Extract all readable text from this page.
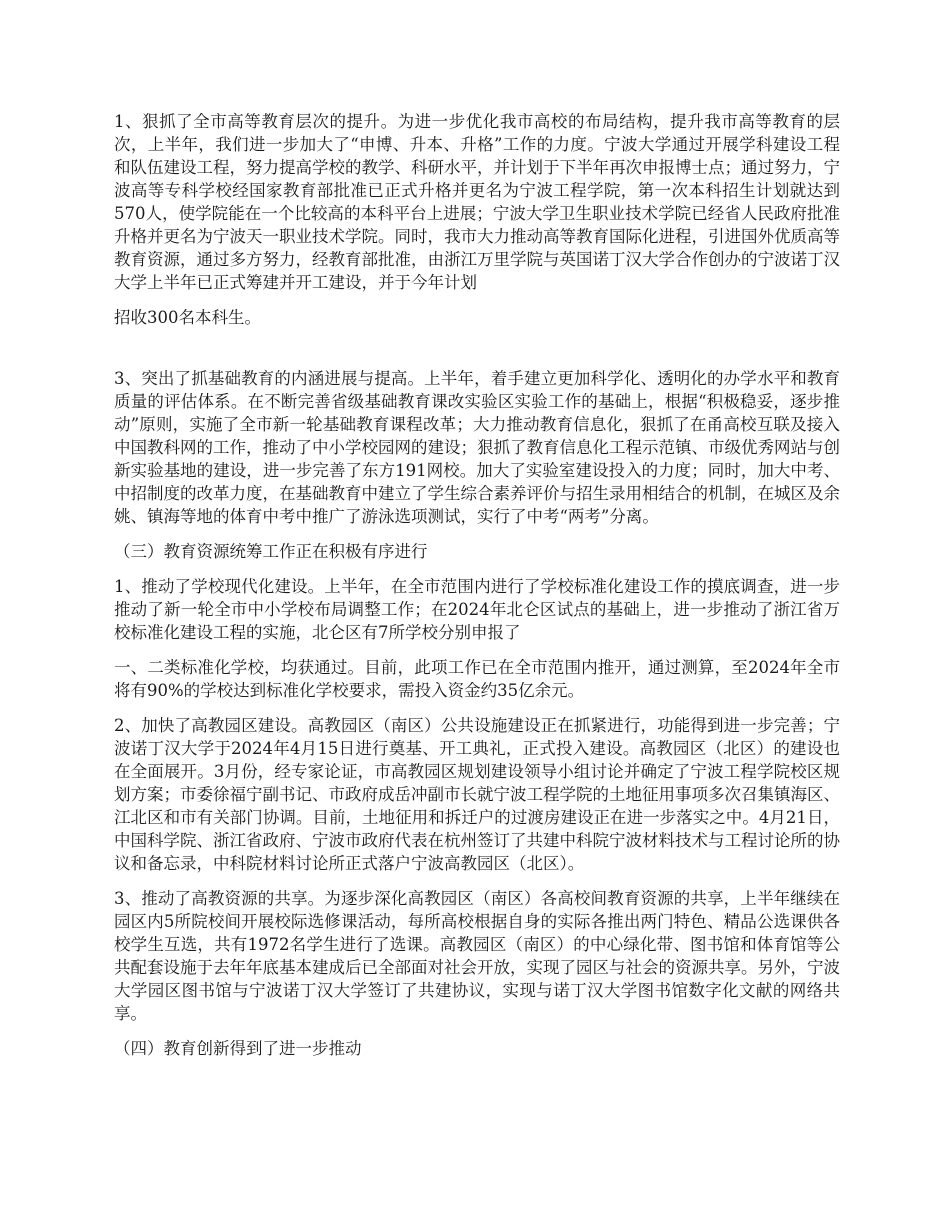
1、狠抓了全市高等教育层次的提升。为进一步优化我市高校的布局结构，提升我市高等教育的层次，上半年，我们进一步加大了“申博、升本、升格”工作的力度。宁波大学通过开展学科建设工程和队伍建设工程，努力提高学校的教学、科研水平，并计划于下半年再次申报博士点；通过努力，宁波高等专科学校经国家教育部批准已正式升格并更名为宁波工程学院，第一次本科招生计划就达到570人，使学院能在一个比较高的本科平台上进展；宁波大学卫生职业技术学院已经省人民政府批准升格并更名为宁波天一职业技术学院。同时，我市大力推动高等教育国际化进程，引进国外优质高等教育资源，通过多方努力，经教育部批准，由浙江万里学院与英国诺丁汉大学合作创办的宁波诺丁汉大学上半年已正式筹建并开工建设，并于今年计划

招收300名本科生。

3、突出了抓基础教育的内涵进展与提高。上半年，着手建立更加科学化、透明化的办学水平和教育质量的评估体系。在不断完善省级基础教育课改实验区实验工作的基础上，根据“积极稳妥，逐步推动”原则，实施了全市新一轮基础教育课程改革；大力推动教育信息化，狠抓了在甬高校互联及接入中国教科网的工作，推动了中小学校园网的建设；狠抓了教育信息化工程示范镇、市级优秀网站与创新实验基地的建设，进一步完善了东方191网校。加大了实验室建设投入的力度；同时，加大中考、中招制度的改革力度，在基础教育中建立了学生综合素养评价与招生录用相结合的机制，在城区及余姚、镇海等地的体育中考中推广了游泳选项测试，实行了中考“两考”分离。

（三）教育资源统筹工作正在积极有序进行

1、推动了学校现代化建设。上半年，在全市范围内进行了学校标准化建设工作的摸底调查，进一步推动了新一轮全市中小学校布局调整工作；在2024年北仑区试点的基础上，进一步推动了浙江省万校标准化建设工程的实施，北仑区有7所学校分别申报了

一、二类标准化学校，均获通过。目前，此项工作已在全市范围内推开，通过测算，至2024年全市将有90%的学校达到标准化学校要求，需投入资金约35亿余元。

2、加快了高教园区建设。高教园区（南区）公共设施建设正在抓紧进行，功能得到进一步完善；宁波诺丁汉大学于2024年4月15日进行奠基、开工典礼，正式投入建设。高教园区（北区）的建设也在全面展开。3月份，经专家论证，市高教园区规划建设领导小组讨论并确定了宁波工程学院校区规划方案；市委徐福宁副书记、市政府成岳冲副市长就宁波工程学院的土地征用事项多次召集镇海区、江北区和市有关部门协调。目前，土地征用和拆迁户的过渡房建设正在进一步落实之中。4月21日，中国科学院、浙江省政府、宁波市政府代表在杭州签订了共建中科院宁波材料技术与工程讨论所的协议和备忘录，中科院材料讨论所正式落户宁波高教园区（北区）。

3、推动了高教资源的共享。为逐步深化高教园区（南区）各高校间教育资源的共享，上半年继续在园区内5所院校间开展校际选修课活动，每所高校根据自身的实际各推出两门特色、精品公选课供各校学生互选，共有1972名学生进行了选课。高教园区（南区）的中心绿化带、图书馆和体育馆等公共配套设施于去年年底基本建成后已全部面对社会开放，实现了园区与社会的资源共享。另外，宁波大学园区图书馆与宁波诺丁汉大学签订了共建协议，实现与诺丁汉大学图书馆数字化文献的网络共享。

（四）教育创新得到了进一步推动
